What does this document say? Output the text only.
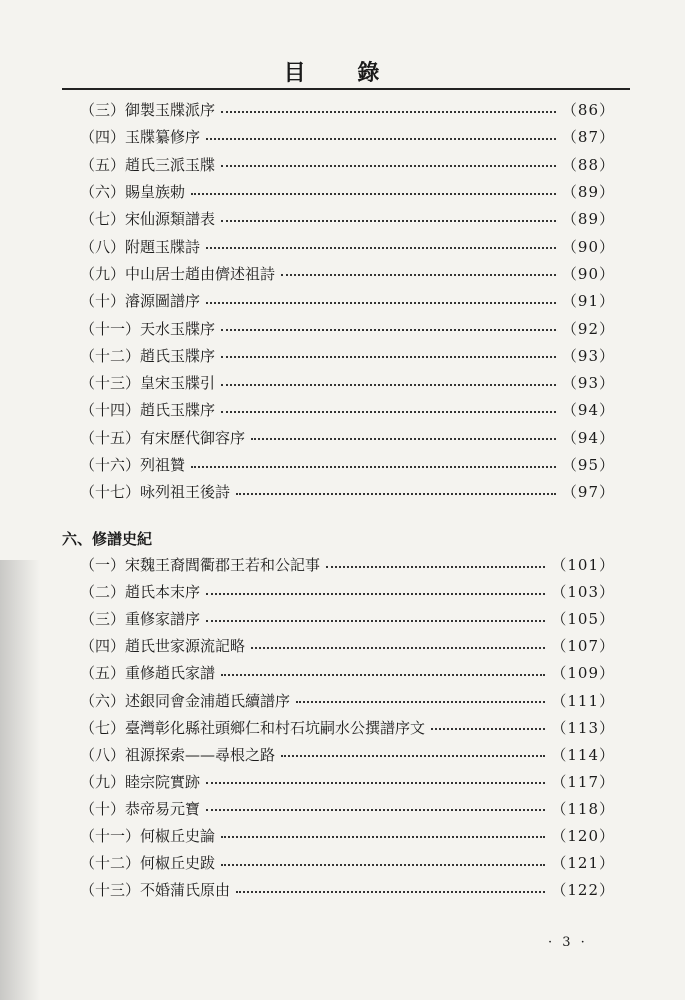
目 錄
（三）御製玉牒派序	（86）
（四）玉牒纂修序	（87）
（五）趙氏三派玉牒	（88）
（六）賜皇族勅	（89）
（七）宋仙源類譜表	（89）
（八）附題玉牒詩	（90）
（九）中山居士趙由儕述祖詩	（90）
（十）濬源圖譜序	（91）
（十一）天水玉牒序	（92）
（十二）趙氏玉牒序	（93）
（十三）皇宋玉牒引	（93）
（十四）趙氏玉牒序	（94）
（十五）有宋歷代御容序	（94）
（十六）列祖贊	（95）
（十七）咏列祖王後詩	（97）
六、修譜史紀
（一）宋魏王裔閭衢郡王若和公記事	（101）
（二）趙氏本末序	（103）
（三）重修家譜序	（105）
（四）趙氏世家源流記略	（107）
（五）重修趙氏家譜	（109）
（六）述銀同會金浦趙氏續譜序	（111）
（七）臺灣彰化縣社頭鄉仁和村石坑嗣水公撰譜序文	（113）
（八）祖源探索——尋根之路	（114）
（九）睦宗院實跡	（117）
（十）恭帝易元寶	（118）
（十一）何椒丘史論	（120）
（十二）何椒丘史跋	（121）
（十三）不婚蒲氏原由	（122）
· 3 ·
